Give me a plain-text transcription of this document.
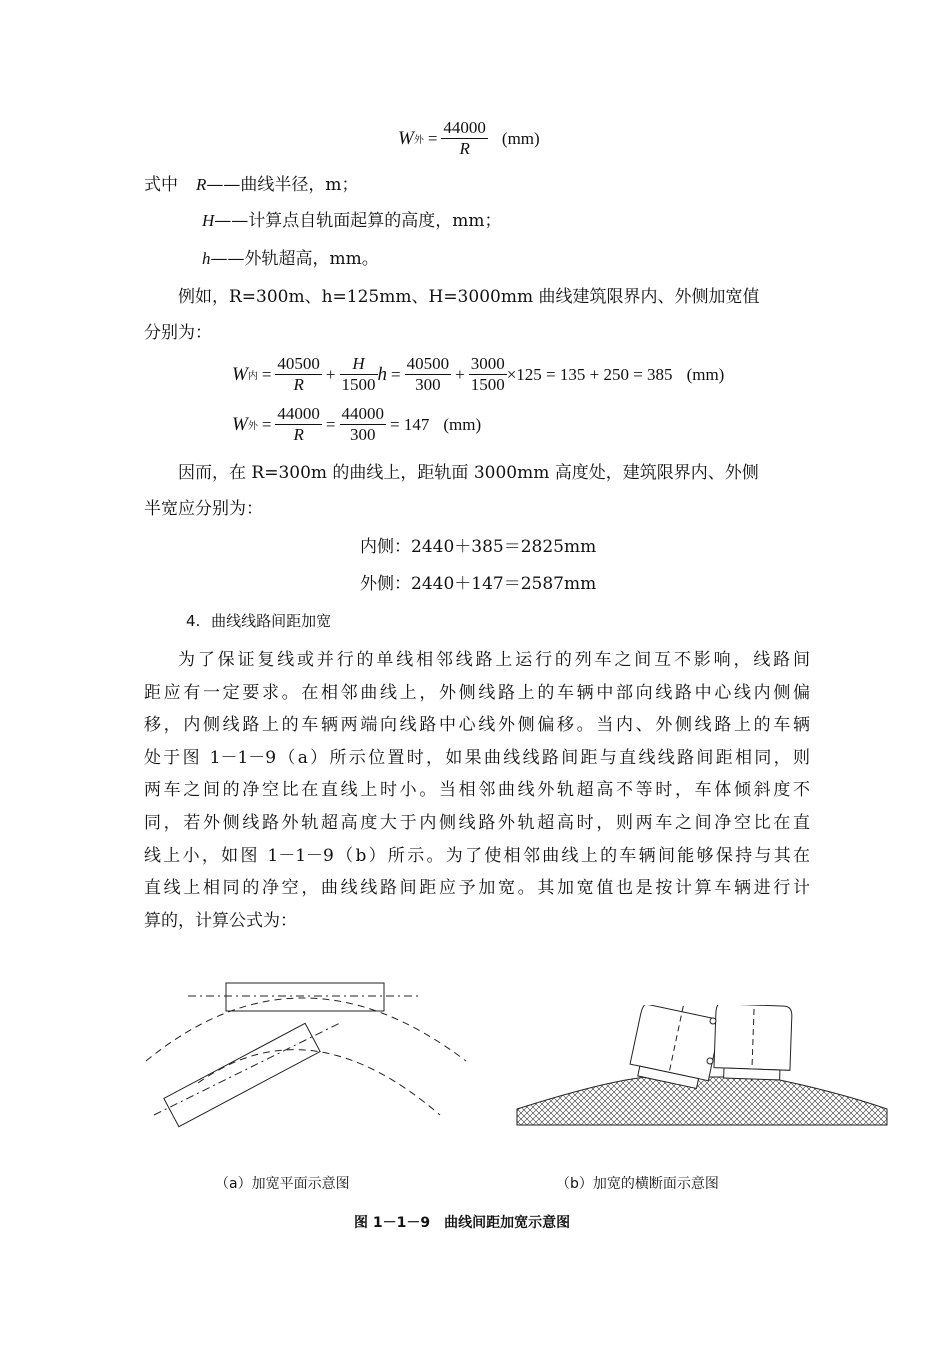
W 外 = $\frac{44000}{R} (mm)$
式中 R——曲线半径，m；
H——计算点自轨面起算的高度，mm；
h——外轨超高，mm。
例如，R=300m、h=125mm、H=3000mm 曲线建筑限界内、外侧加宽值
分别为：
W 内 = $\frac{40500}{R} + \frac{H}{1500}$ $h = \frac{40500}{300} + \frac{3000}{1500} \times 125 = 135 + 250 = 385$ (mm)
W 外 = $\frac{44000}{R} = \frac{44000}{300} = 147$ (mm)
因而，在 R=300m 的曲线上，距轨面 3000mm 高度处，建筑限界内、外侧
半宽应分别为：
内侧：2440＋385＝2825mm
外侧：2440＋147＝2587mm
4. 曲线线路间距加宽
为了保证复线或并行的单线相邻线路上运行的列车之间互不影响，线路间
距应有一定要求。在相邻曲线上，外侧线路上的车辆中部向线路中心线内侧偏
移，内侧线路上的车辆两端向线路中心线外侧偏移。当内、外侧线路上的车辆
处于图 1－1－9（a）所示位置时，如果曲线线路间距与直线线路间距相同，则
两车之间的净空比在直线上时小。当相邻曲线外轨超高不等时，车体倾斜度不
同，若外侧线路外轨超高度大于内侧线路外轨超高时，则两车之间净空比在直
线上小，如图 1－1－9（b）所示。为了使相邻曲线上的车辆间能够保持与其在
直线上相同的净空，曲线线路间距应予加宽。其加宽值也是按计算车辆进行计
算的，计算公式为：
（a）加宽平面示意图	（b）加宽的横断面示意图
图 1－1－9　曲线间距加宽示意图
